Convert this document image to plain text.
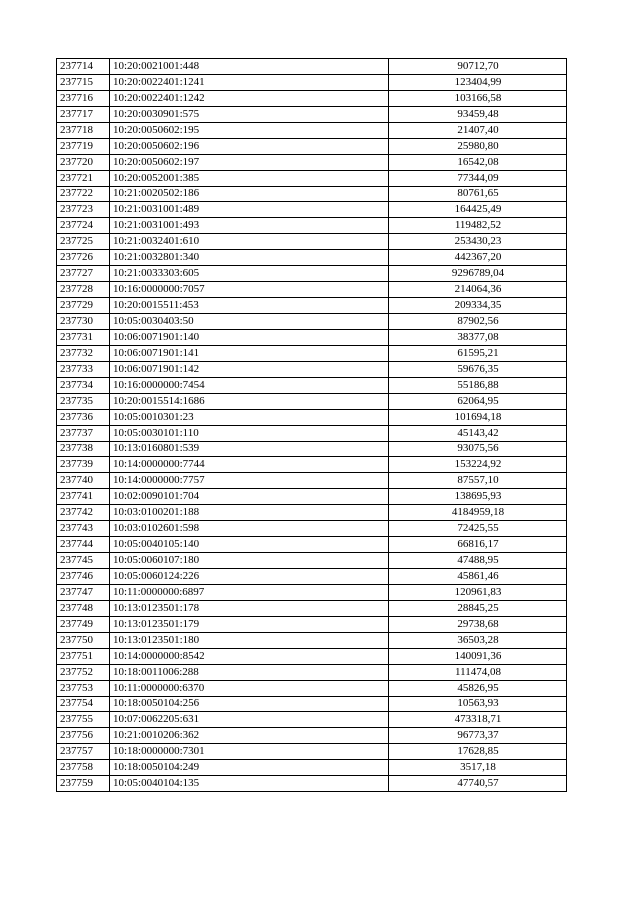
237714	10:20:0021001:448	90712,70
237715	10:20:0022401:1241	123404,99
237716	10:20:0022401:1242	103166,58
237717	10:20:0030901:575	93459,48
237718	10:20:0050602:195	21407,40
237719	10:20:0050602:196	25980,80
237720	10:20:0050602:197	16542,08
237721	10:20:0052001:385	77344,09
237722	10:21:0020502:186	80761,65
237723	10:21:0031001:489	164425,49
237724	10:21:0031001:493	119482,52
237725	10:21:0032401:610	253430,23
237726	10:21:0032801:340	442367,20
237727	10:21:0033303:605	9296789,04
237728	10:16:0000000:7057	214064,36
237729	10:20:0015511:453	209334,35
237730	10:05:0030403:50	87902,56
237731	10:06:0071901:140	38377,08
237732	10:06:0071901:141	61595,21
237733	10:06:0071901:142	59676,35
237734	10:16:0000000:7454	55186,88
237735	10:20:0015514:1686	62064,95
237736	10:05:0010301:23	101694,18
237737	10:05:0030101:110	45143,42
237738	10:13:0160801:539	93075,56
237739	10:14:0000000:7744	153224,92
237740	10:14:0000000:7757	87557,10
237741	10:02:0090101:704	138695,93
237742	10:03:0100201:188	4184959,18
237743	10:03:0102601:598	72425,55
237744	10:05:0040105:140	66816,17
237745	10:05:0060107:180	47488,95
237746	10:05:0060124:226	45861,46
237747	10:11:0000000:6897	120961,83
237748	10:13:0123501:178	28845,25
237749	10:13:0123501:179	29738,68
237750	10:13:0123501:180	36503,28
237751	10:14:0000000:8542	140091,36
237752	10:18:0011006:288	111474,08
237753	10:11:0000000:6370	45826,95
237754	10:18:0050104:256	10563,93
237755	10:07:0062205:631	473318,71
237756	10:21:0010206:362	96773,37
237757	10:18:0000000:7301	17628,85
237758	10:18:0050104:249	3517,18
237759	10:05:0040104:135	47740,57
